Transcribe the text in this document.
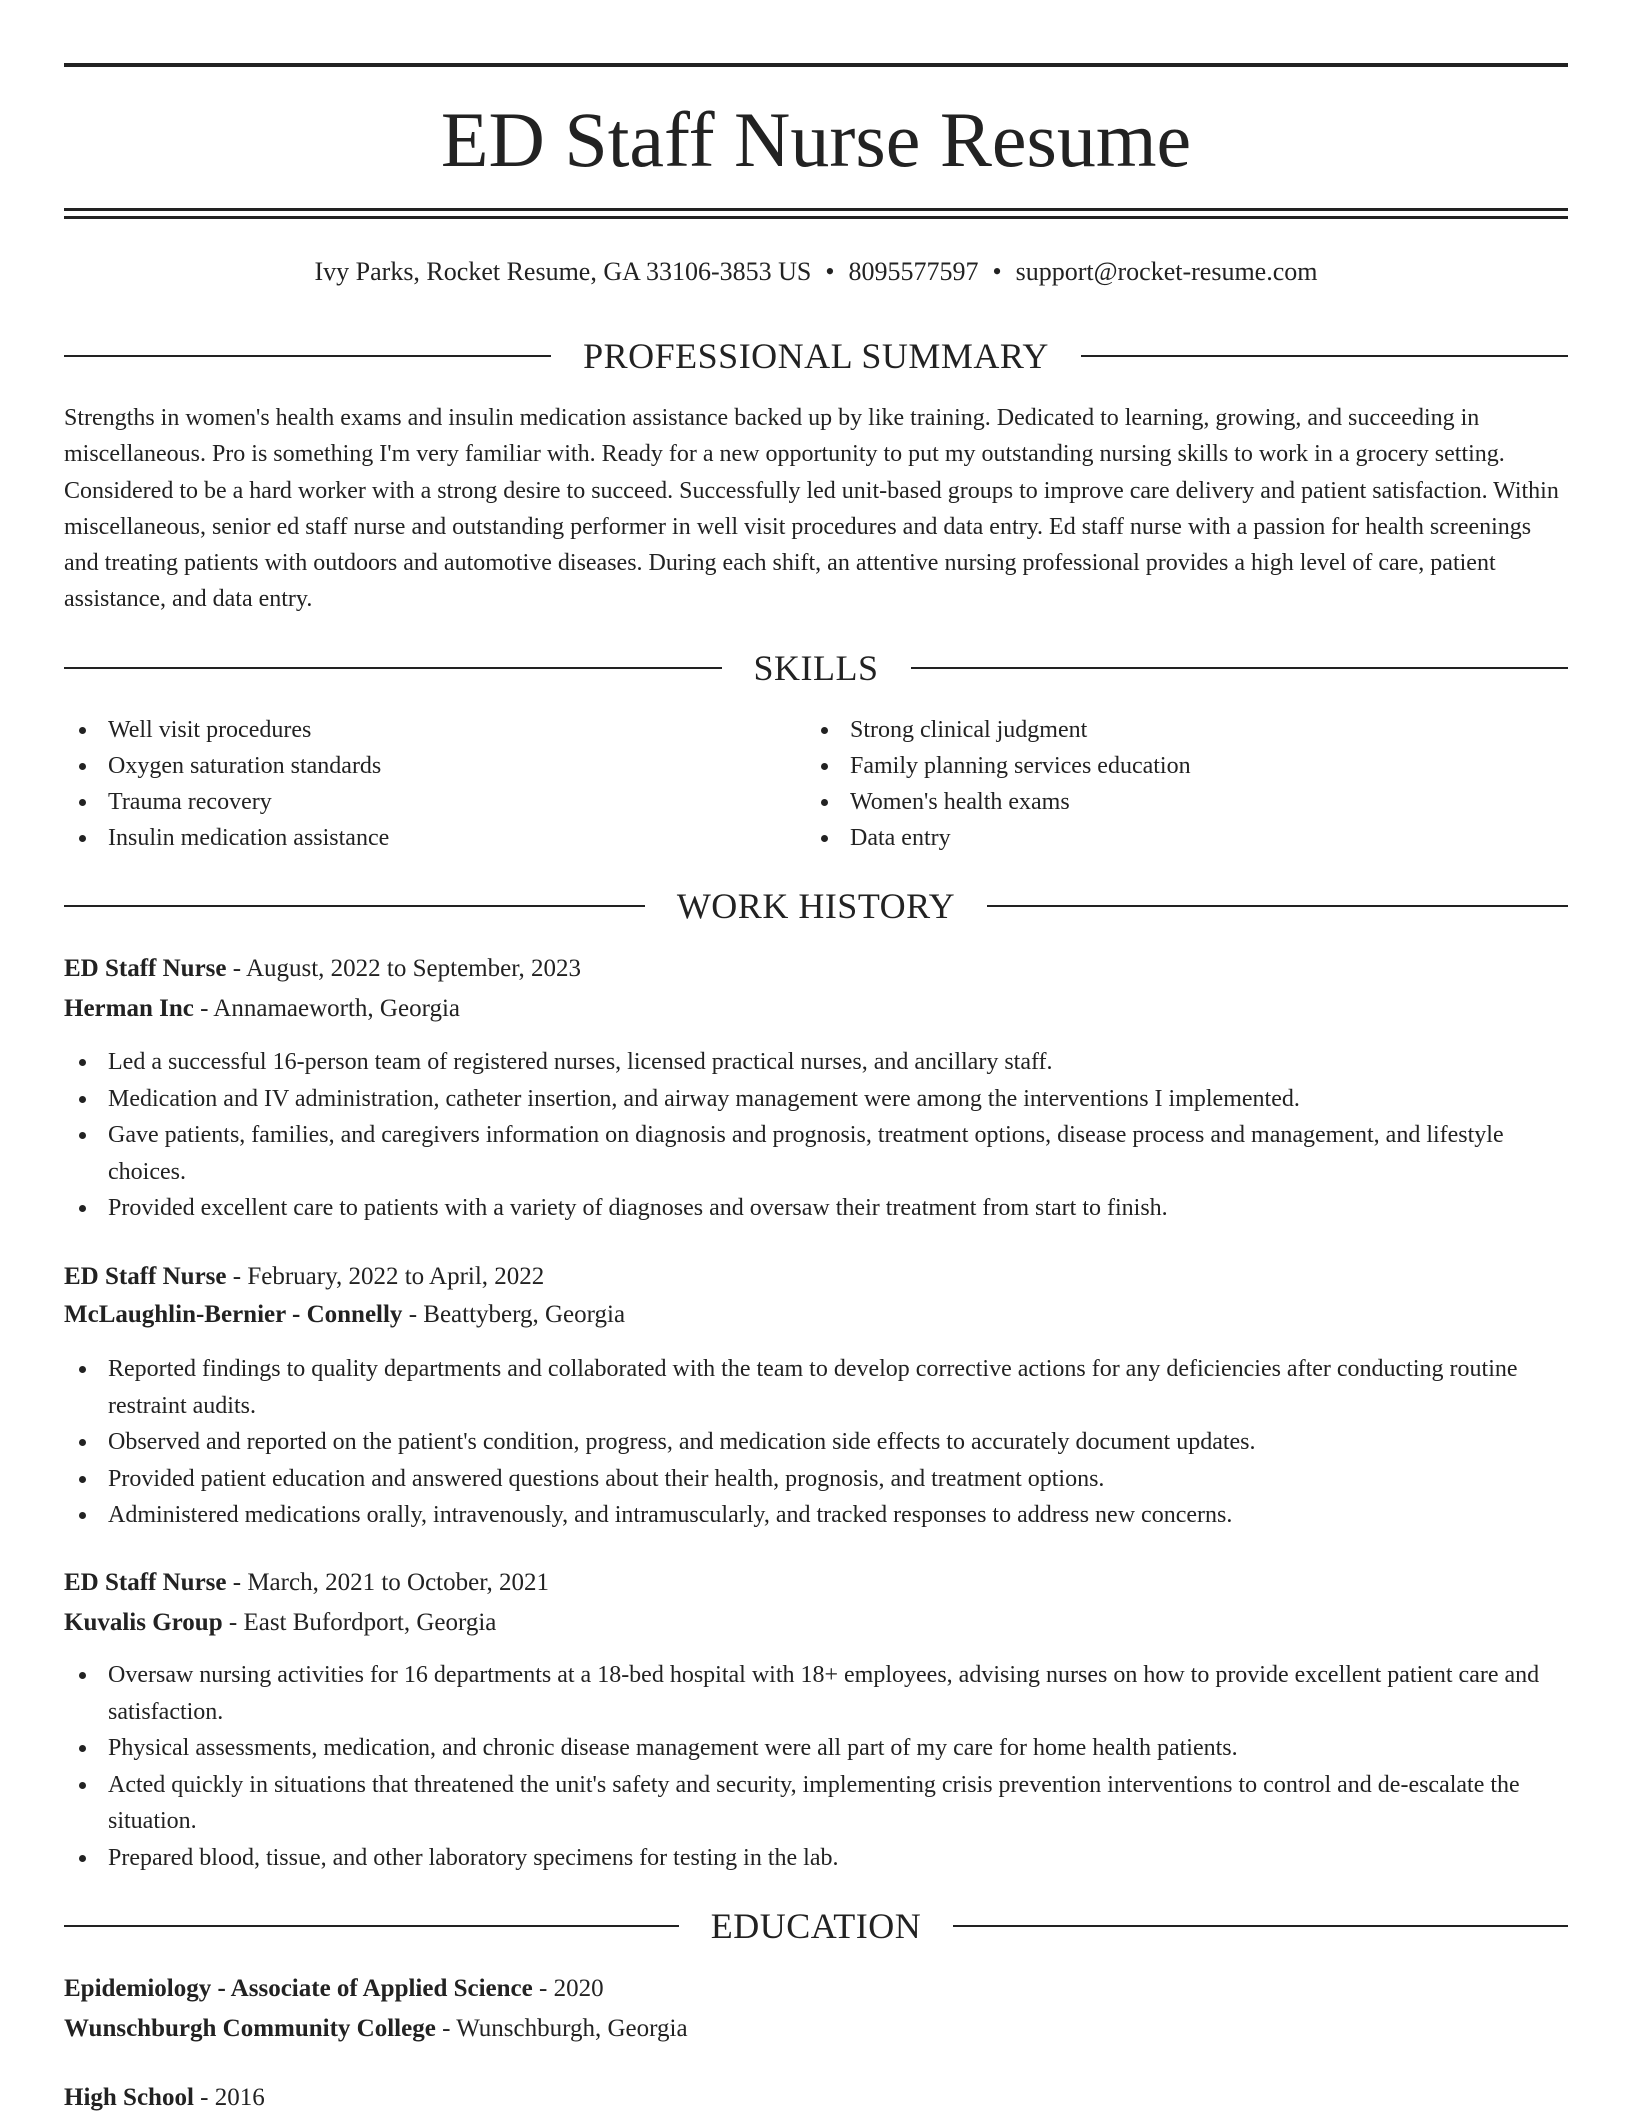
ED Staff Nurse Resume
Ivy Parks, Rocket Resume, GA 33106-3853 US • 8095577597 • support@rocket-resume.com
PROFESSIONAL SUMMARY

Strengths in women's health exams and insulin medication assistance backed up by like training. Dedicated to learning, growing, and succeeding in miscellaneous. Pro is something I'm very familiar with. Ready for a new opportunity to put my outstanding nursing skills to work in a grocery setting. Considered to be a hard worker with a strong desire to succeed. Successfully led unit-based groups to improve care delivery and patient satisfaction. Within miscellaneous, senior ed staff nurse and outstanding performer in well visit procedures and data entry. Ed staff nurse with a passion for health screenings and treating patients with outdoors and automotive diseases. During each shift, an attentive nursing professional provides a high level of care, patient assistance, and data entry.

SKILLS
Well visit procedures
Oxygen saturation standards
Trauma recovery
Insulin medication assistance
Strong clinical judgment
Family planning services education
Women's health exams
Data entry
WORK HISTORY
ED Staff Nurse - August, 2022 to September, 2023
Herman Inc - Annamaeworth, Georgia
Led a successful 16-person team of registered nurses, licensed practical nurses, and ancillary staff.
Medication and IV administration, catheter insertion, and airway management were among the interventions I implemented.
Gave patients, families, and caregivers information on diagnosis and prognosis, treatment options, disease process and management, and lifestyle choices.
Provided excellent care to patients with a variety of diagnoses and oversaw their treatment from start to finish.
ED Staff Nurse - February, 2022 to April, 2022
McLaughlin-Bernier - Connelly - Beattyberg, Georgia
Reported findings to quality departments and collaborated with the team to develop corrective actions for any deficiencies after conducting routine restraint audits.
Observed and reported on the patient's condition, progress, and medication side effects to accurately document updates.
Provided patient education and answered questions about their health, prognosis, and treatment options.
Administered medications orally, intravenously, and intramuscularly, and tracked responses to address new concerns.
ED Staff Nurse - March, 2021 to October, 2021
Kuvalis Group - East Bufordport, Georgia
Oversaw nursing activities for 16 departments at a 18-bed hospital with 18+ employees, advising nurses on how to provide excellent patient care and satisfaction.
Physical assessments, medication, and chronic disease management were all part of my care for home health patients.
Acted quickly in situations that threatened the unit's safety and security, implementing crisis prevention interventions to control and de-escalate the situation.
Prepared blood, tissue, and other laboratory specimens for testing in the lab.
EDUCATION
Epidemiology - Associate of Applied Science - 2020
Wunschburgh Community College - Wunschburgh, Georgia
High School - 2016
